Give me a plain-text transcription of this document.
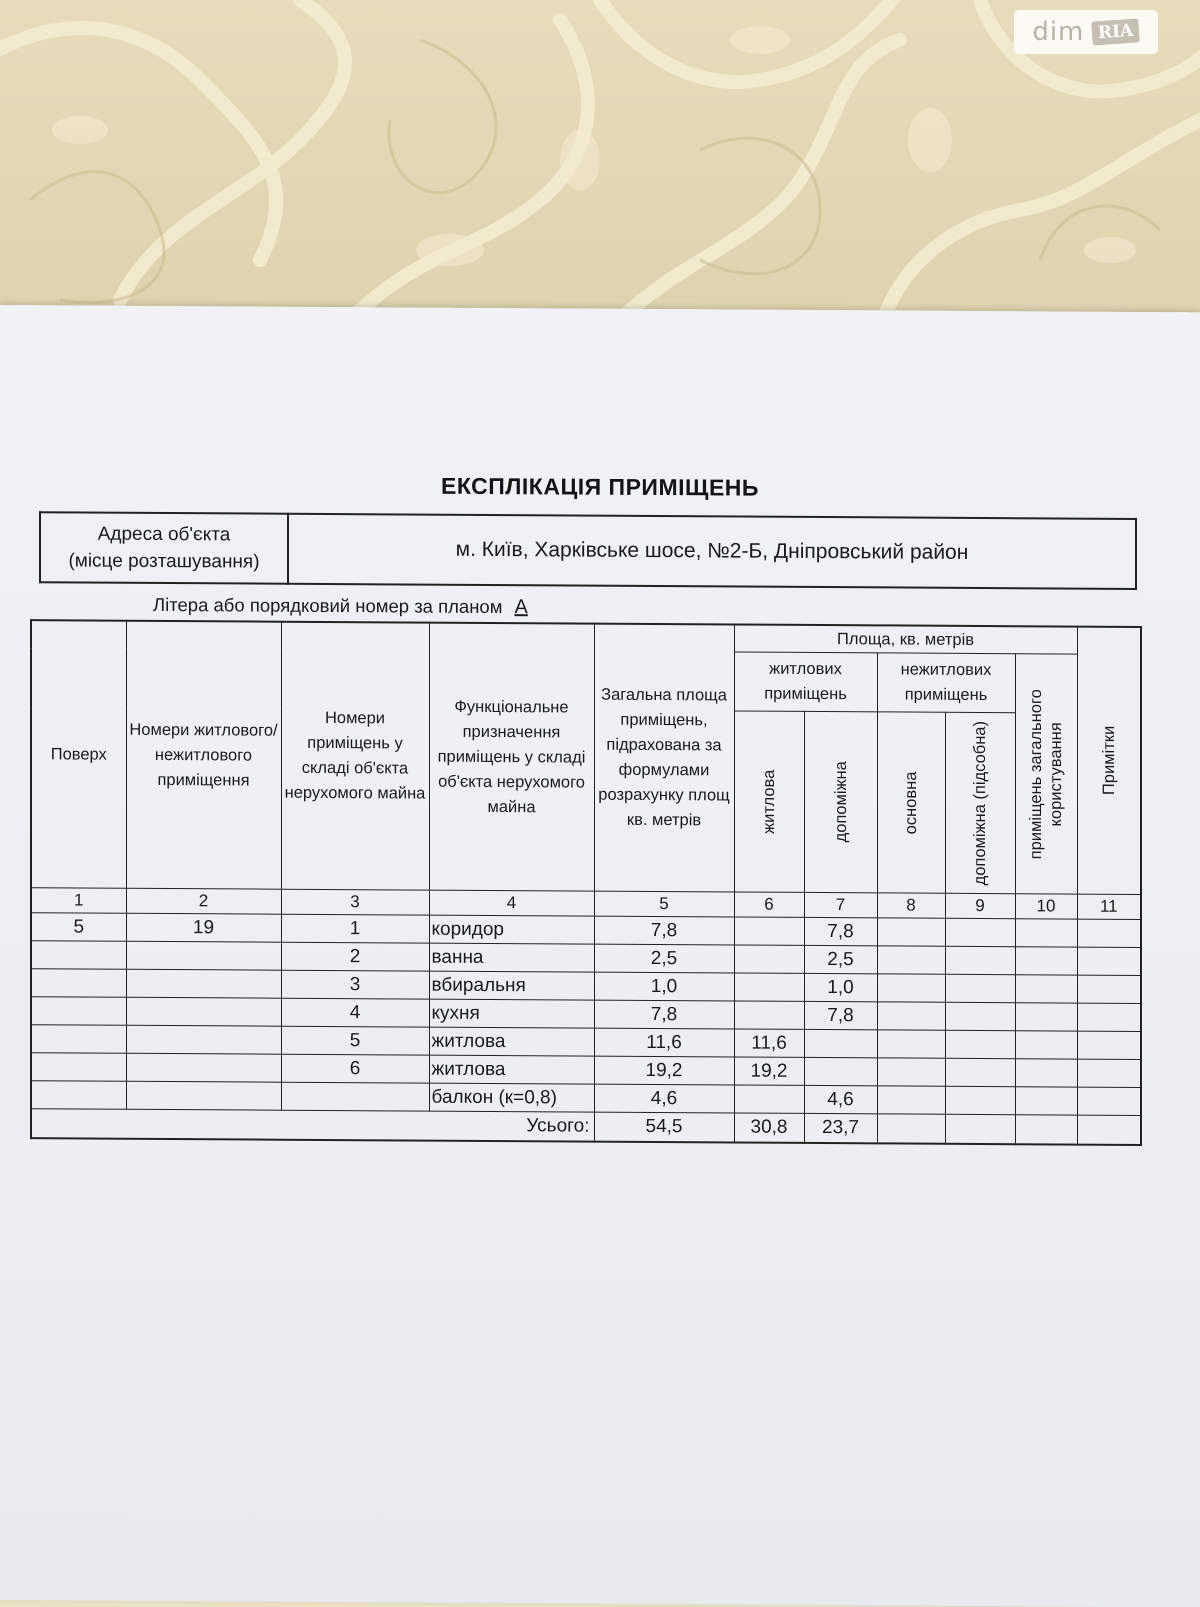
dim RIA
ЕКСПЛІКАЦІЯ ПРИМІЩЕНЬ
Адреса об'єкта
(місце розташування)	м. Київ, Харківське шосе, №2-Б, Дніпровський район
Літера або порядковий номер за планом А
Поверх	Номери житлового/ нежитлового приміщення	Номери приміщень у складі об'єкта нерухомого майна	Функціональне призначення приміщень у складі об'єкта нерухомого майна	Загальна площа приміщень, підрахована за формулами розрахунку площ кв. метрів	Площа, кв. метрів					Примітки

					житлових приміщень		нежитлових приміщень		приміщень загального користування	

					житлова	допоміжна	основна	допоміжна (підсобна)		

1	2	3	4	5	6	7	8	9	10	11
5	19	1	коридор	7,8		7,8				
		2	ванна	2,5		2,5				
		3	вбиральня	1,0		1,0				
		4	кухня	7,8		7,8				
		5	житлова	11,6	11,6					
		6	житлова	19,2	19,2					
			балкон (к=0,8)	4,6		4,6				
Усього:				54,5	30,8	23,7				
